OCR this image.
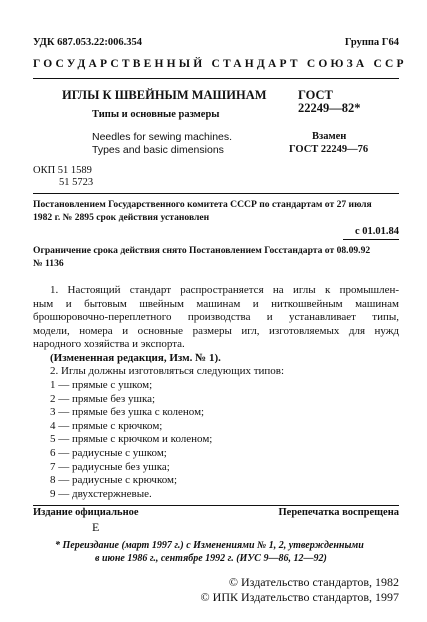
УДК 687.053.22:006.354	Группа Г64
ГОСУДАРСТВЕННЫЙ СТАНДАРТ СОЮЗА ССР
ИГЛЫ К ШВЕЙНЫМ МАШИНАМ
Типы и основные размеры
Needles for sewing machines.
Types and basic dimensions
ГОСТ
22249—82*
Взамен
ГОСТ 22249—76
ОКП 51 1589
51 5723
Постановлением Государственного комитета СССР по стандартам от 27 июля
1982 г. № 2895 срок действия установлен
с 01.01.84
Ограничение срока действия снято Постановлением Госстандарта от 08.09.92
№ 1136
1. Настоящий стандарт распространяется на иглы к промышлен-
ным и бытовым швейным машинам и ниткошвейным машинам
брошюровочно-переплетного производства и устанавливает типы,
модели, номера и основные размеры игл, изготовляемых для нужд
народного хозяйства и экспорта.
(Измененная редакция, Изм. № 1).
2. Иглы должны изготовляться следующих типов:
1 — прямые с ушком;
2 — прямые без ушка;
3 — прямые без ушка с коленом;
4 — прямые с крючком;
5 — прямые с крючком и коленом;
6 — радиусные с ушком;
7 — радиусные без ушка;
8 — радиусные с крючком;
9 — двухстержневые.
Издание официальное
E
Перепечатка воспрещена
* Переиздание (март 1997 г.) с Изменениями № 1, 2, утвержденными
в июне 1986 г., сентябре 1992 г. (ИУС 9—86, 12—92)
© Издательство стандартов, 1982
© ИПК Издательство стандартов, 1997
